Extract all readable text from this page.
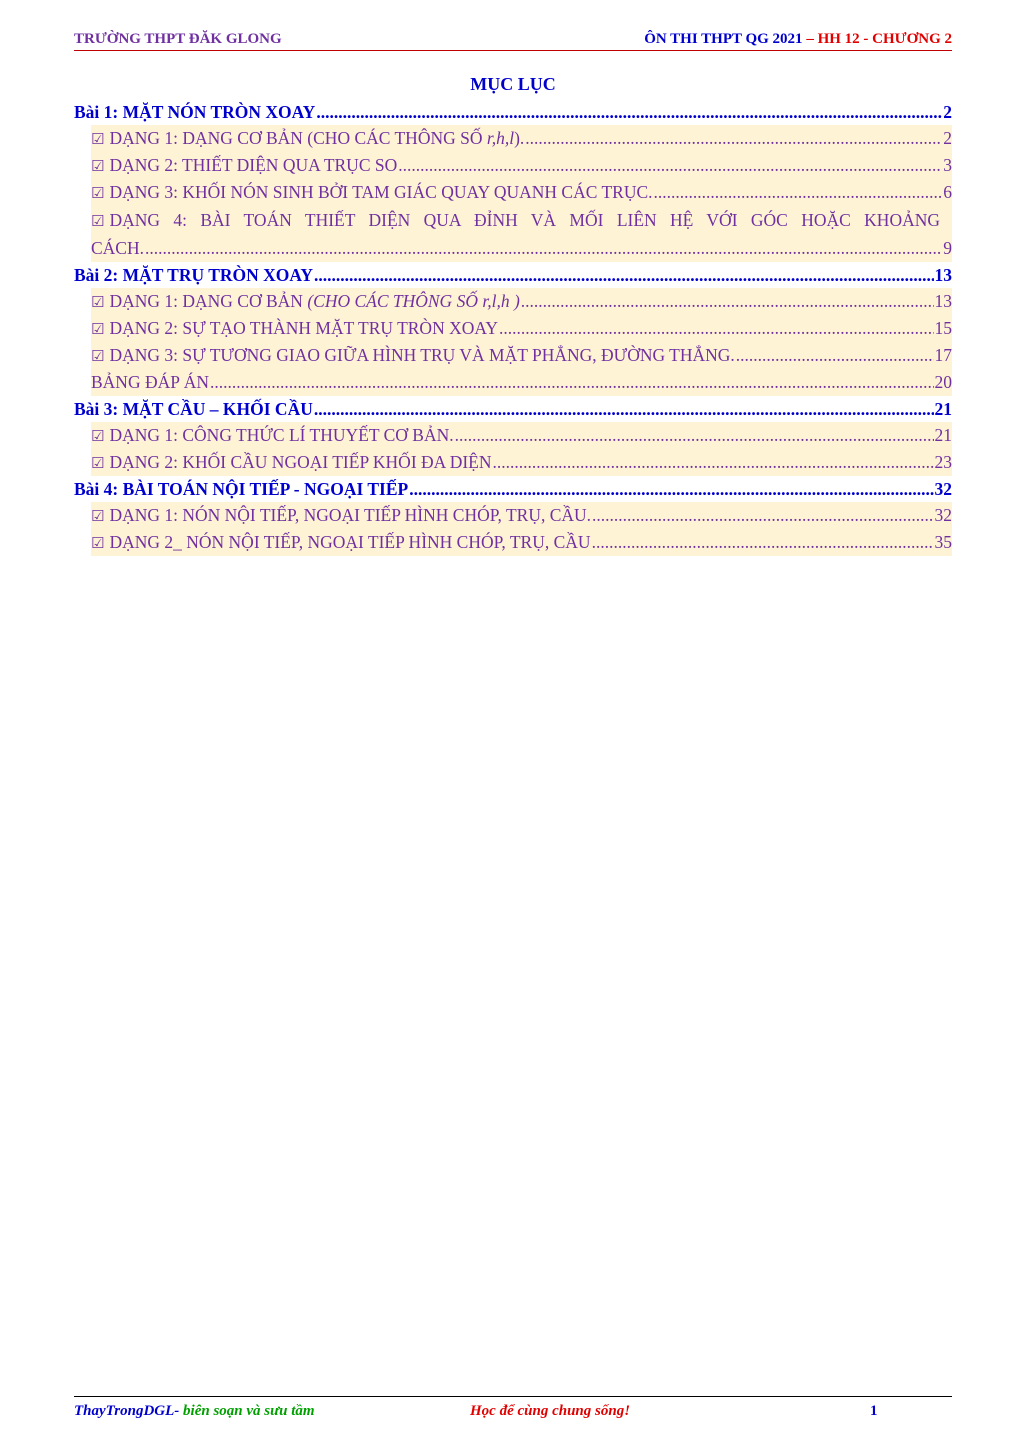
TRƯỜNG THPT ĐĂK GLONG	ÔN THI THPT QG 2021 – HH 12 - CHƯƠNG 2
MỤC LỤC
Bài 1: MẶT NÓN TRÒN XOAY .....	2
☑ DẠNG 1: DẠNG CƠ BẢN (CHO CÁC THÔNG SỐ r,h,l). .....	2
☑ DẠNG 2: THIẾT DIỆN QUA TRỤC SO .....	3
☑ DẠNG 3: KHỐI NÓN SINH BỞI TAM GIÁC QUAY QUANH CÁC TRỤC. .....	6
☑ DẠNG 4: BÀI TOÁN THIẾT DIỆN QUA ĐỈNH VÀ MỐI LIÊN HỆ VỚI GÓC HOẶC KHOẢNG
CÁCH. .....	9
Bài 2: MẶT TRỤ TRÒN XOAY .....	13
☑ DẠNG 1: DẠNG CƠ BẢN (CHO CÁC THÔNG SỐ r,l,h ) .....	13
☑ DẠNG 2: SỰ TẠO THÀNH MẶT TRỤ TRÒN XOAY .....	15
☑ DẠNG 3: SỰ TƯƠNG GIAO GIỮA HÌNH TRỤ VÀ MẶT PHẲNG, ĐƯỜNG THẲNG. .....	17
BẢNG ĐÁP ÁN .....	20
Bài 3: MẶT CẦU – KHỐI CẦU .....	21
☑ DẠNG 1: CÔNG THỨC LÍ THUYẾT CƠ BẢN. .....	21
☑ DẠNG 2: KHỐI CẦU NGOẠI TIẾP KHỐI ĐA DIỆN .....	23
Bài 4: BÀI TOÁN NỘI TIẾP - NGOẠI TIẾP .....	32
☑ DẠNG 1: NÓN NỘI TIẾP, NGOẠI TIẾP HÌNH CHÓP, TRỤ, CẦU. .....	32
☑ DẠNG 2_ NÓN NỘI TIẾP, NGOẠI TIẾP HÌNH CHÓP, TRỤ, CẦU .....	35
ThayTrongDGL- biên soạn và sưu tầm	Học để cùng chung sống!	1
